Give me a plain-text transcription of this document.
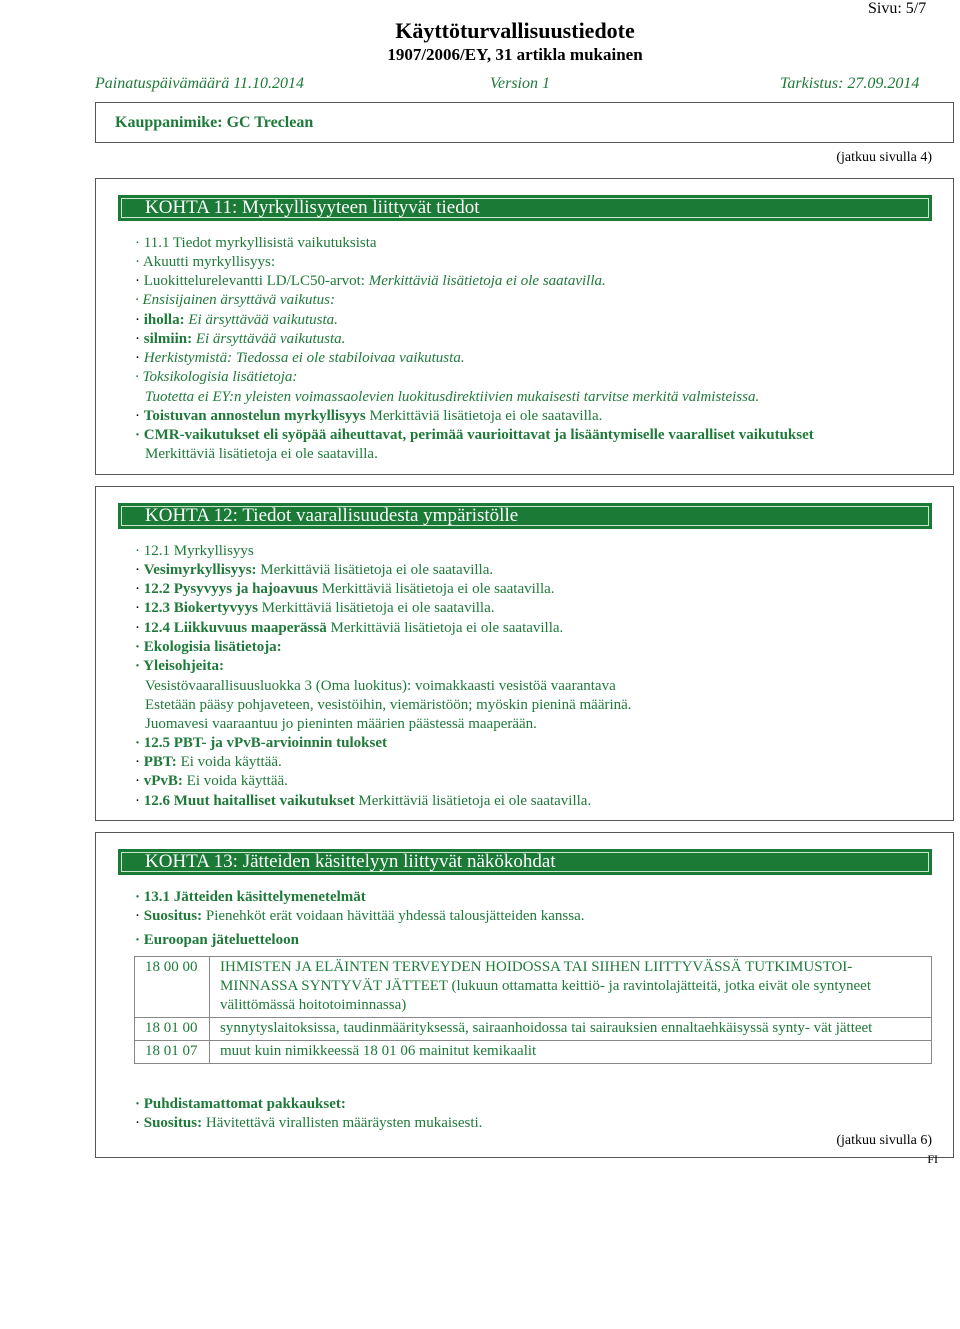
Sivu: 5/7
Käyttöturvallisuustiedote
1907/2006/EY, 31 artikla mukainen
Painatuspäivämäärä 11.10.2014	Version 1	Tarkistus: 27.09.2014
Kauppanimike: GC Treclean
(jatkuu sivulla 4)
KOHTA 11: Myrkyllisyyteen liittyvät tiedot
· 11.1 Tiedot myrkyllisistä vaikutuksista
· Akuutti myrkyllisyys:
· Luokittelurelevantti LD/LC50-arvot: Merkittäviä lisätietoja ei ole saatavilla.
· Ensisijainen ärsyttävä vaikutus:
· iholla: Ei ärsyttävää vaikutusta.
· silmiin: Ei ärsyttävää vaikutusta.
· Herkistymistä: Tiedossa ei ole stabiloivaa vaikutusta.
· Toksikologisia lisätietoja:
Tuotetta ei EY:n yleisten voimassaolevien luokitusdirektiivien mukaisesti tarvitse merkitä valmisteissa.
· Toistuvan annostelun myrkyllisyys Merkittäviä lisätietoja ei ole saatavilla.
· CMR-vaikutukset eli syöpää aiheuttavat, perimää vaurioittavat ja lisääntymiselle vaaralliset vaikutukset
Merkittäviä lisätietoja ei ole saatavilla.
KOHTA 12: Tiedot vaarallisuudesta ympäristölle
· 12.1 Myrkyllisyys
· Vesimyrkyllisyys: Merkittäviä lisätietoja ei ole saatavilla.
· 12.2 Pysyvyys ja hajoavuus Merkittäviä lisätietoja ei ole saatavilla.
· 12.3 Biokertyvyys Merkittäviä lisätietoja ei ole saatavilla.
· 12.4 Liikkuvuus maaperässä Merkittäviä lisätietoja ei ole saatavilla.
· Ekologisia lisätietoja:
· Yleisohjeita:
Vesistövaarallisuusluokka 3 (Oma luokitus): voimakkaasti vesistöä vaarantava
Estetään pääsy pohjaveteen, vesistöihin, viemäristöön; myöskin pieninä määrinä.
Juomavesi vaaraantuu jo pieninten määrien päästessä maaperään.
· 12.5 PBT- ja vPvB-arvioinnin tulokset
· PBT: Ei voida käyttää.
· vPvB: Ei voida käyttää.
· 12.6 Muut haitalliset vaikutukset Merkittäviä lisätietoja ei ole saatavilla.
KOHTA 13: Jätteiden käsittelyyn liittyvät näkökohdat
· 13.1 Jätteiden käsittelymenetelmät
· Suositus: Pienehköt erät voidaan hävittää yhdessä talousjätteiden kanssa.
· Euroopan jäteluetteloon

18 00 00	IHMISTEN JA ELÄINTEN TERVEYDEN HOIDOSSA TAI SIIHEN LIITTYVÄSSÄ TUTKIMUSTOI-MINNASSA SYNTYVÄT JÄTTEET (lukuun ottamatta keittiö- ja ravintolajätteitä, jotka eivät ole syntyneet välittömässä hoitotoiminnassa)
18 01 00	synnytyslaitoksissa, taudinmäärityksessä, sairaanhoidossa tai sairauksien ennaltaehkäisyssä synty- vät jätteet
18 01 07	muut kuin nimikkeessä 18 01 06 mainitut kemikaalit
· Puhdistamattomat pakkaukset:
· Suositus: Hävitettävä virallisten määräysten mukaisesti.
(jatkuu sivulla 6)
FI
